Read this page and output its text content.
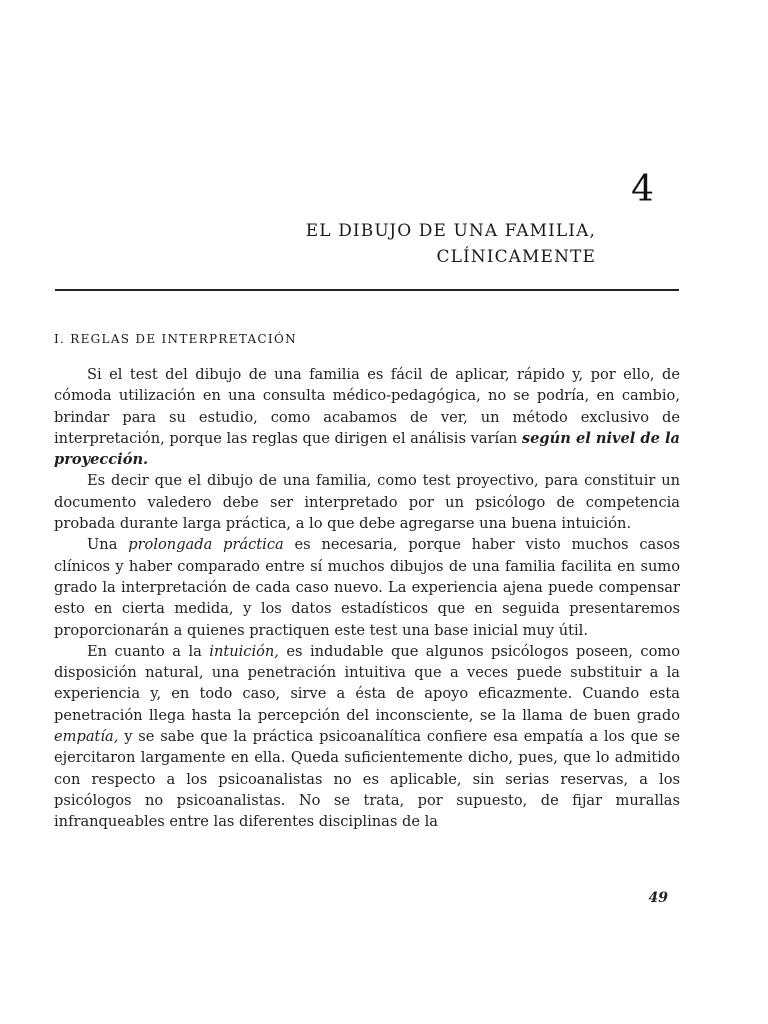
4
EL DIBUJO DE UNA FAMILIA,
CLÍNICAMENTE
I. REGLAS DE INTERPRETACIÓN

Si el test del dibujo de una familia es fácil de aplicar, rápido y, por ello, de cómoda utilización en una consulta médico-pedagógica, no se podría, en cambio, brindar para su estudio, como acabamos de ver, un método exclusivo de interpretación, porque las reglas que dirigen el análisis varían según el nivel de la proyección.

Es decir que el dibujo de una familia, como test proyectivo, para constituir un documento valedero debe ser interpretado por un psicólogo de competencia probada durante larga práctica, a lo que debe agregarse una buena intuición.

Una prolongada práctica es necesaria, porque haber visto muchos casos clínicos y haber comparado entre sí muchos dibujos de una familia facilita en sumo grado la interpretación de cada caso nuevo. La experiencia ajena puede compensar esto en cierta medida, y los datos estadísticos que en seguida presentaremos proporcionarán a quienes practiquen este test una base inicial muy útil.

En cuanto a la intuición, es indudable que algunos psicólogos poseen, como disposición natural, una penetración intuitiva que a veces puede substituir a la experiencia y, en todo caso, sirve a ésta de apoyo eficazmente. Cuando esta penetración llega hasta la percepción del inconsciente, se la llama de buen grado empatía, y se sabe que la práctica psicoanalítica confiere esa empatía a los que se ejercitaron largamente en ella. Queda suficientemente dicho, pues, que lo admitido con respecto a los psicoanalistas no es aplicable, sin serias reservas, a los psicólogos no psicoanalistas. No se trata, por supuesto, de fijar murallas infranqueables entre las diferentes disciplinas de la

49
